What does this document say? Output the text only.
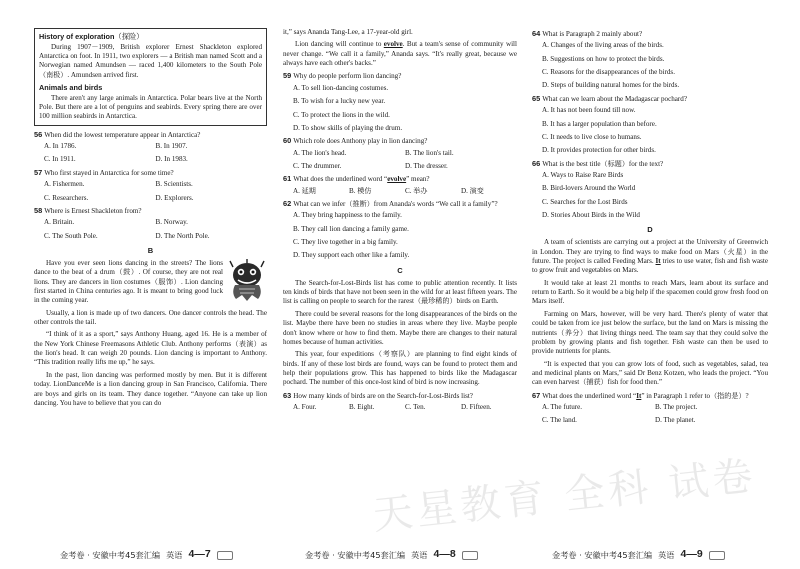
History of exploration（探险）

During 1907－1909, British explorer Ernest Shackleton explored Antarctica on foot. In 1911, two explorers — a British man named Scott and a Norwegian named Amundsen — raced 1,400 kilometers to the South Pole（南极）. Amundsen arrived first.

Animals and birds

There aren't any large animals in Antarctica. Polar bears live at the North Pole. But there are a lot of penguins and seabirds. Every spring there are over 100 million seabirds in Antarctica.

56 When did the lowest temperature appear in Antarctica?
A. In 1786.	B. In 1907.
C. In 1911.	D. In 1983.
57 Who first stayed in Antarctica for some time?
A. Fishermen.	B. Scientists.
C. Researchers.	D. Explorers.
58 Where is Ernest Shackleton from?
A. Britain.	B. Norway.
C. The South Pole.	D. The North Pole.
B

Have you ever seen lions dancing in the streets? The lions dance to the beat of a drum（鼓）. Of course, they are not real lions. They are dancers in lion costumes（服饰）. Lion dancing first started in China centuries ago. It is meant to bring good luck in the coming year.

Usually, a lion is made up of two dancers. One dancer controls the head. The other controls the tail.

“I think of it as a sport,” says Anthony Huang, aged 16. He is a member of the New York Chinese Freemasons Athletic Club. Anthony performs（表演）as the lion's head. It can weigh 20 pounds. Lion dancing is important to Anthony. “This tradition really lifts me up,” he says.

In the past, lion dancing was performed mostly by men. But it is different today. LionDanceMe is a lion dancing group in San Francisco, California. There are boys and girls on its team. They dance together. “Anyone can take up lion dancing. You have to believe that you can do

it,” says Ananda Tang-Lee, a 17-year-old girl.

Lion dancing will continue to evolve. But a team's sense of community will never change. “We call it a family,” Ananda says. “It's really great, because we always have each other's backs.”

59 Why do people perform lion dancing?
A. To sell lion-dancing costumes.
B. To wish for a lucky new year.
C. To protect the lions in the wild.
D. To show skills of playing the drum.
60 Which role does Anthony play in lion dancing?
A. The lion's head.	B. The lion's tail.
C. The drummer.	D. The dresser.
61 What does the underlined word “evolve” mean?
A. 延期	B. 模仿	C. 举办	D. 演变
62 What can we infer（推断）from Ananda's words “We call it a family”?
A. They bring happiness to the family.
B. They call lion dancing a family game.
C. They live together in a big family.
D. They support each other like a family.
C

The Search-for-Lost-Birds list has come to public attention recently. It lists ten kinds of birds that have not been seen in the wild for at least fifteen years. The list is calling on people to search for the rarest（最珍稀的）birds on Earth.

There could be several reasons for the long disappearances of the birds on the list. Maybe there have been no studies in areas where they live. Maybe people don't know where or how to find them. Maybe there are changes to their natural homes because of human activities.

This year, four expeditions（考察队）are planning to find eight kinds of birds. If any of these lost birds are found, ways can be found to protect them and help their populations grow. This has happened to birds like the Madagascar pochard. The number of this once-lost kind of bird is now increasing.

63 How many kinds of birds are on the Search-for-Lost-Birds list?
A. Four.	B. Eight.	C. Ten.	D. Fifteen.
64 What is Paragraph 2 mainly about?
A. Changes of the living areas of the birds.
B. Suggestions on how to protect the birds.
C. Reasons for the disappearances of the birds.
D. Steps of building natural homes for the birds.
65 What can we learn about the Madagascar pochard?
A. It has not been found till now.
B. It has a larger population than before.
C. It needs to live close to humans.
D. It provides protection for other birds.
66 What is the best title（标题）for the text?
A. Ways to Raise Rare Birds
B. Bird-lovers Around the World
C. Searches for the Lost Birds
D. Stories About Birds in the Wild
D

A team of scientists are carrying out a project at the University of Greenwich in London. They are trying to find ways to make food on Mars（火星）in the future. The project is called Feeding Mars. It tries to use water, fish and fish waste to grow fruit and vegetables on Mars.

It would take at least 21 months to reach Mars, learn about its surface and return to Earth. So it would be a big help if the spacemen could grow fresh food on Mars itself.

Farming on Mars, however, will be very hard. There's plenty of water that could be taken from ice just below the surface, but the land on Mars is missing the nutrients（养分）that living things need. The team say that they could solve the problem by growing plants and fish together. Fish waste can then be used to provide nutrients for plants.

“It is expected that you can grow lots of food, such as vegetables, salad, tea and medicinal plants on Mars,” said Dr Benz Kotzen, who leads the project. “You can even harvest（捕获）fish for food then.”

67 What does the underlined word “It” in Paragraph 1 refer to（指的是）?
A. The future.	B. The project.
C. The land.	D. The planet.
金考卷 · 安徽中考45套汇编 英语 4—7	金考卷 · 安徽中考45套汇编 英语 4—8	金考卷 · 安徽中考45套汇编 英语 4—9
天星教育 全科 试卷
